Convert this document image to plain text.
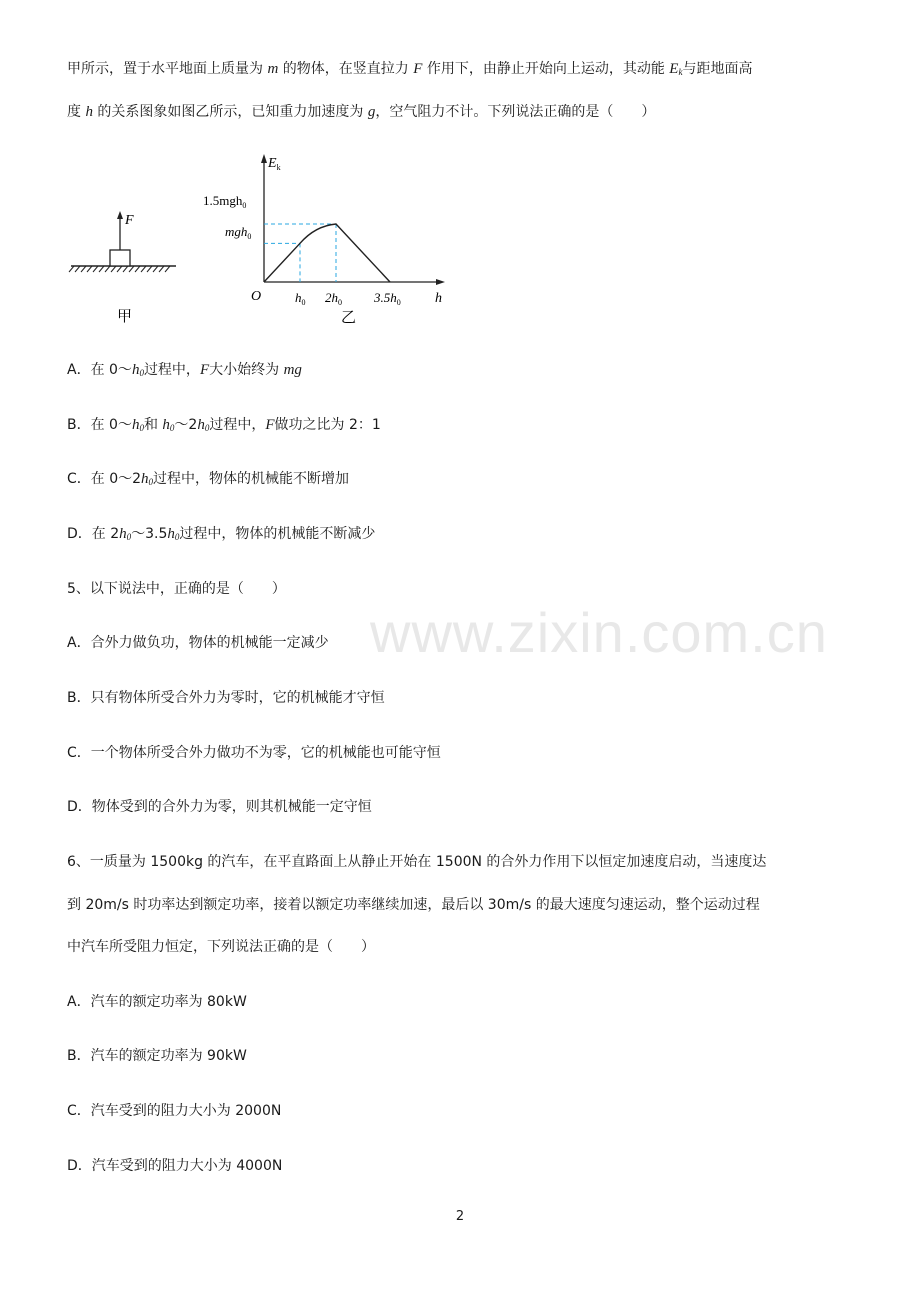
www.zixin.com.cn
甲所示，置于水平地面上质量为 m 的物体，在竖直拉力 F 作用下，由静止开始向上运动，其动能 $E_k$与距地面高
度 h 的关系图象如图乙所示，已知重力加速度为 g，空气阻力不计。下列说法正确的是（　　）
F
甲
$E_k$
h
O
1.5mgh$_0$
mgh$_0$
$h_0$ $2h_0$ $3.5h_0$
乙
A．在 $0\sim h_0$过程中，F大小始终为 mg
B．在 $0\sim h_0$和 $h_0\sim 2h_0$过程中，F做功之比为 2：1
C．在 $0\sim 2h_0$过程中，物体的机械能不断增加
D．在 $2h_0\sim 3.5h_0$过程中，物体的机械能不断减少
5、以下说法中，正确的是（　　）
A．合外力做负功，物体的机械能一定减少
B．只有物体所受合外力为零时，它的机械能才守恒
C．一个物体所受合外力做功不为零，它的机械能也可能守恒
D．物体受到的合外力为零，则其机械能一定守恒
6、一质量为 1500kg 的汽车，在平直路面上从静止开始在 1500N 的合外力作用下以恒定加速度启动，当速度达
到 20m/s 时功率达到额定功率，接着以额定功率继续加速，最后以 30m/s 的最大速度匀速运动，整个运动过程
中汽车所受阻力恒定，下列说法正确的是（　　）
A．汽车的额定功率为 80kW
B．汽车的额定功率为 90kW
C．汽车受到的阻力大小为 2000N
D．汽车受到的阻力大小为 4000N
2
